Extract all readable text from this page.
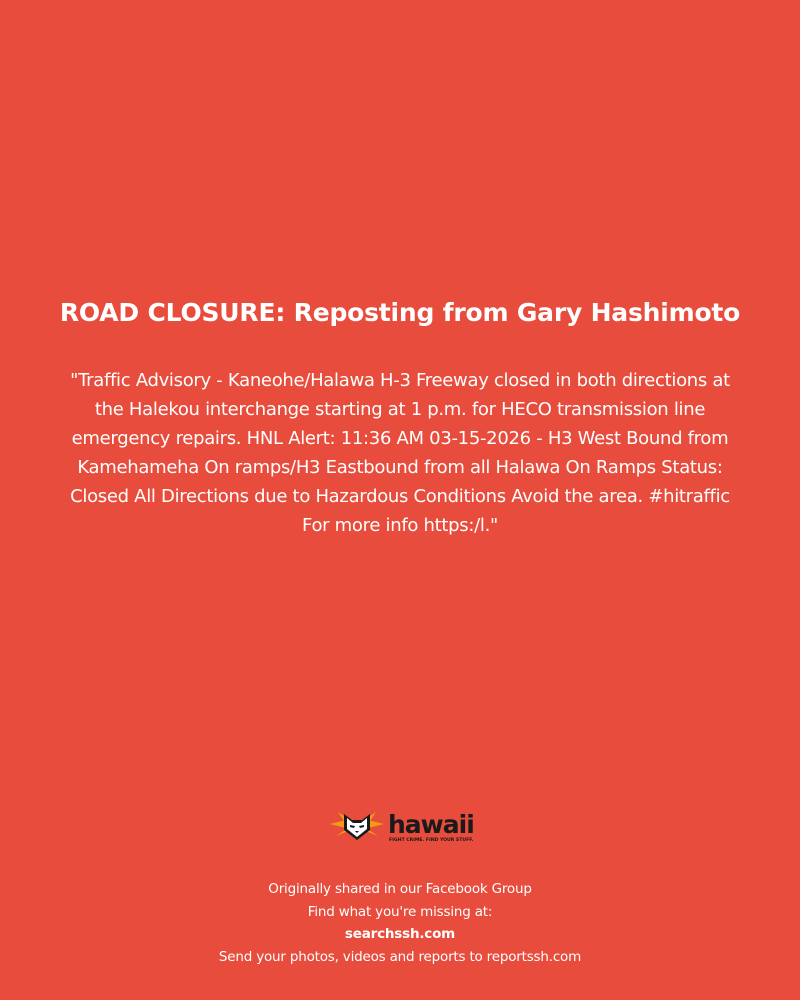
ROAD CLOSURE: Reposting from Gary Hashimoto

"Traffic Advisory - Kaneohe/Halawa H-3 Freeway closed in both directions at the Halekou interchange starting at 1 p.m. for HECO transmission line emergency repairs. HNL Alert: 11:36 AM 03-15-2026 - H3 West Bound from Kamehameha On ramps/H3 Eastbound from all Halawa On Ramps Status: Closed All Directions due to Hazardous Conditions Avoid the area. #hitraffic For more info https:/l."

hawaii
FIGHT CRIME. FIND YOUR STUFF.
Originally shared in our Facebook Group
Find what you're missing at:
searchssh.com
Send your photos, videos and reports to reportssh.com
